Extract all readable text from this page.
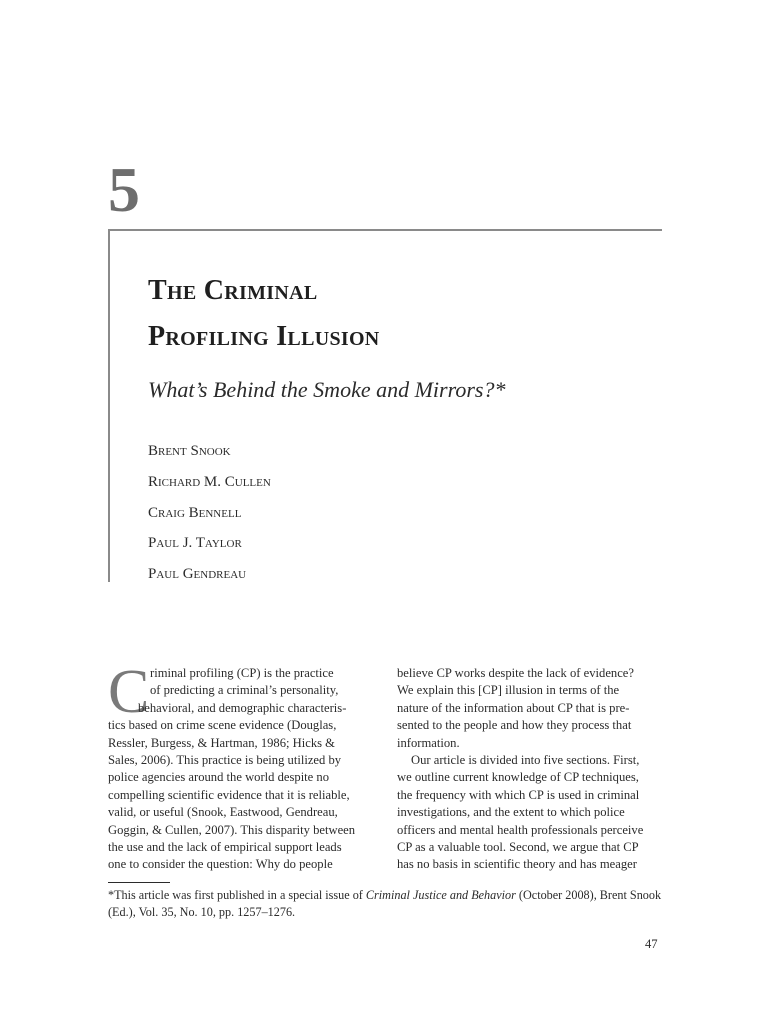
5
The Criminal
Profiling Illusion
What’s Behind the Smoke and Mirrors?*
Brent Snook
Richard M. Cullen
Craig Bennell
Paul J. Taylor
Paul Gendreau
C riminal profiling (CP) is the practice
of predicting a criminal’s personality,
behavioral, and demographic characteris-
tics based on crime scene evidence (Douglas,
Ressler, Burgess, & Hartman, 1986; Hicks &
Sales, 2006). This practice is being utilized by
police agencies around the world despite no
compelling scientific evidence that it is reliable,
valid, or useful (Snook, Eastwood, Gendreau,
Goggin, & Cullen, 2007). This disparity between
the use and the lack of empirical support leads
one to consider the question: Why do people
believe CP works despite the lack of evidence?
We explain this [CP] illusion in terms of the
nature of the information about CP that is pre-
sented to the people and how they process that
information.
Our article is divided into five sections. First,
we outline current knowledge of CP techniques,
the frequency with which CP is used in criminal
investigations, and the extent to which police
officers and mental health professionals perceive
CP as a valuable tool. Second, we argue that CP
has no basis in scientific theory and has meager
*This article was first published in a special issue of Criminal Justice and Behavior (October 2008), Brent Snook
(Ed.), Vol. 35, No. 10, pp. 1257–1276.
47
